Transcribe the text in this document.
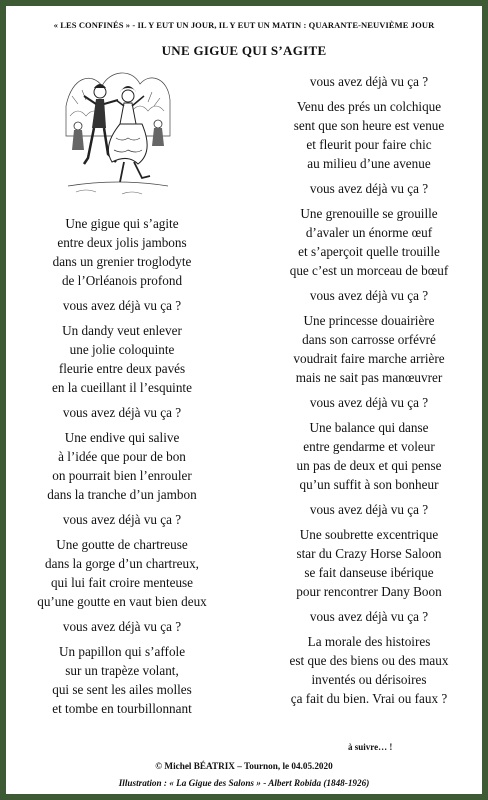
« LES CONFINÉS » - IL Y EUT UN JOUR, IL Y EUT UN MATIN : QUARANTE-NEUVIÈME JOUR
UNE GIGUE QUI S’AGITE

Une gigue qui s’agite

entre deux jolis jambons

dans un grenier troglodyte

de l’Orléanois profond

vous avez déjà vu ça ?

Un dandy veut enlever

une jolie coloquinte

fleurie entre deux pavés

en la cueillant il l’esquinte

vous avez déjà vu ça ?

Une endive qui salive

à l’idée que pour de bon

on pourrait bien l’enrouler

dans la tranche d’un jambon

vous avez déjà vu ça ?

Une goutte de chartreuse

dans la gorge d’un chartreux,

qui lui fait croire menteuse

qu’une goutte en vaut bien deux

vous avez déjà vu ça ?

Un papillon qui s’affole

sur un trapèze volant,

qui se sent les ailes molles

et tombe en tourbillonnant

vous avez déjà vu ça ?

Venu des prés un colchique

sent que son heure est venue

et fleurit pour faire chic

au milieu d’une avenue

vous avez déjà vu ça ?

Une grenouille se grouille

d’avaler un énorme œuf

et s’aperçoit quelle trouille

que c’est un morceau de bœuf

vous avez déjà vu ça ?

Une princesse douairière

dans son carrosse orfévré

voudrait faire marche arrière

mais ne sait pas manœuvrer

vous avez déjà vu ça ?

Une balance qui danse

entre gendarme et voleur

un pas de deux et qui pense

qu’un suffit à son bonheur

vous avez déjà vu ça ?

Une soubrette excentrique

star du Crazy Horse Saloon

se fait danseuse ibérique

pour rencontrer Dany Boon

vous avez déjà vu ça ?

La morale des histoires

est que des biens ou des maux

inventés ou dérisoires

ça fait du bien. Vrai ou faux ?

à suivre… !
© Michel BÉATRIX – Tournon, le 04.05.2020
Illustration : « La Gigue des Salons » - Albert Robida (1848-1926)
